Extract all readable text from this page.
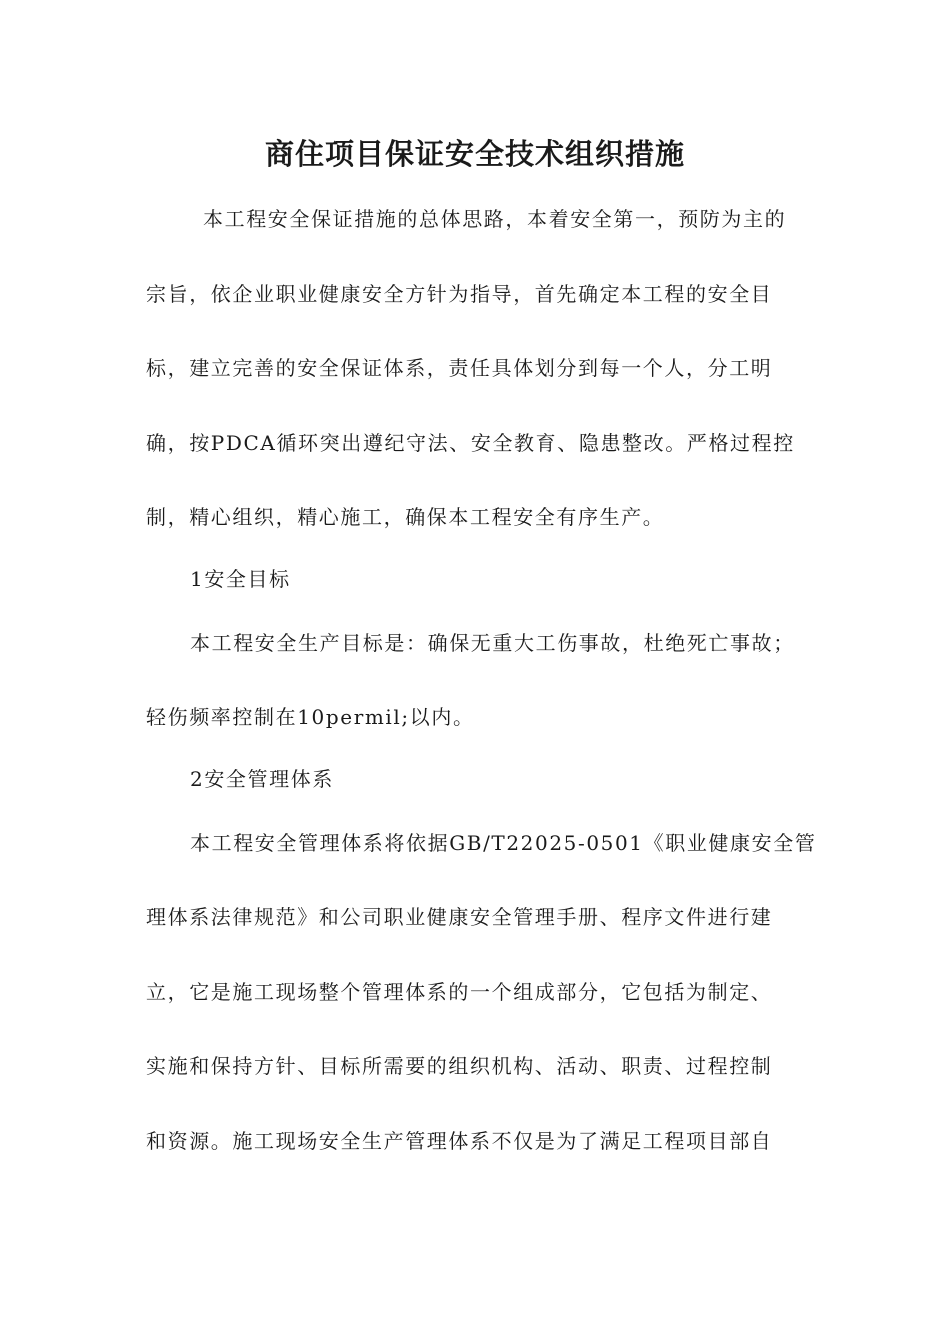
商住项目保证安全技术组织措施
本工程安全保证措施的总体思路，本着安全第一，预防为主的
宗旨，依企业职业健康安全方针为指导，首先确定本工程的安全目
标，建立完善的安全保证体系，责任具体划分到每一个人，分工明
确，按PDCA循环突出遵纪守法、安全教育、隐患整改。严格过程控
制，精心组织，精心施工，确保本工程安全有序生产。
1安全目标
本工程安全生产目标是：确保无重大工伤事故，杜绝死亡事故；
轻伤频率控制在10permil;以内。
2安全管理体系
本工程安全管理体系将依据GB/T22025-0501《职业健康安全管
理体系法律规范》和公司职业健康安全管理手册、程序文件进行建
立，它是施工现场整个管理体系的一个组成部分，它包括为制定、
实施和保持方针、目标所需要的组织机构、活动、职责、过程控制
和资源。施工现场安全生产管理体系不仅是为了满足工程项目部自
